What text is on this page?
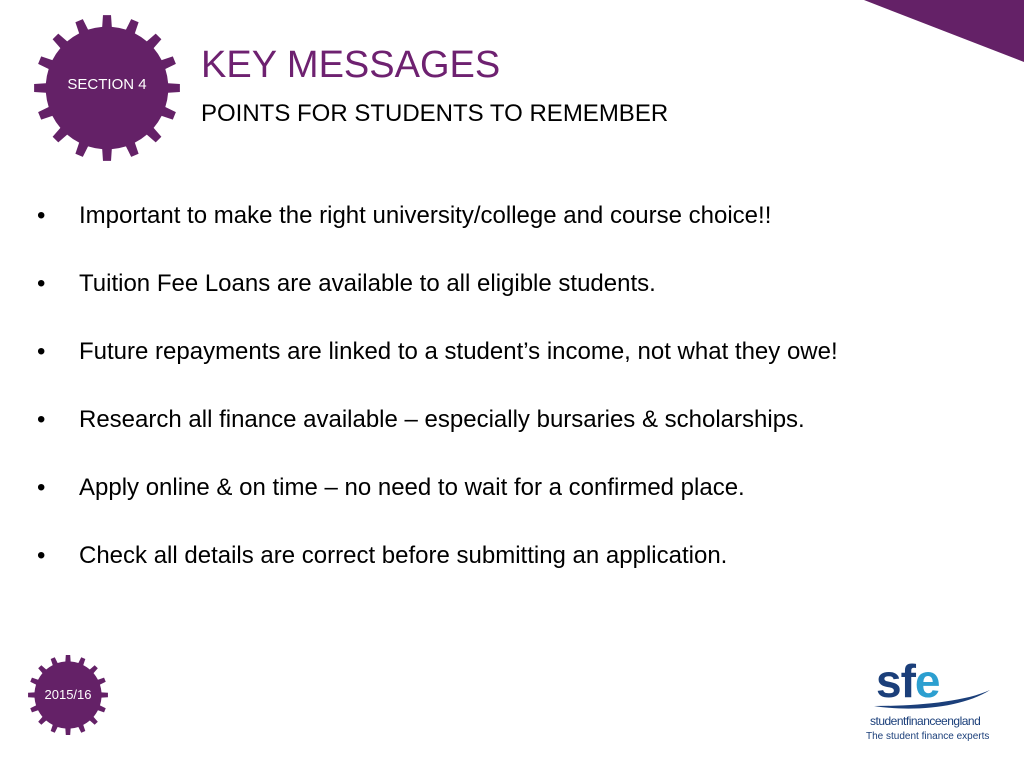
SECTION 4	KEY MESSAGES
POINTS FOR STUDENTS TO REMEMBER
• Important to make the right university/college and course choice!!
• Tuition Fee Loans are available to all eligible students.
• Future repayments are linked to a student’s income, not what they owe!
• Research all finance available – especially bursaries & scholarships.
• Apply online & on time – no need to wait for a confirmed place.
• Check all details are correct before submitting an application.
2015/16	sfe
studentfinanceengland
The student finance experts
